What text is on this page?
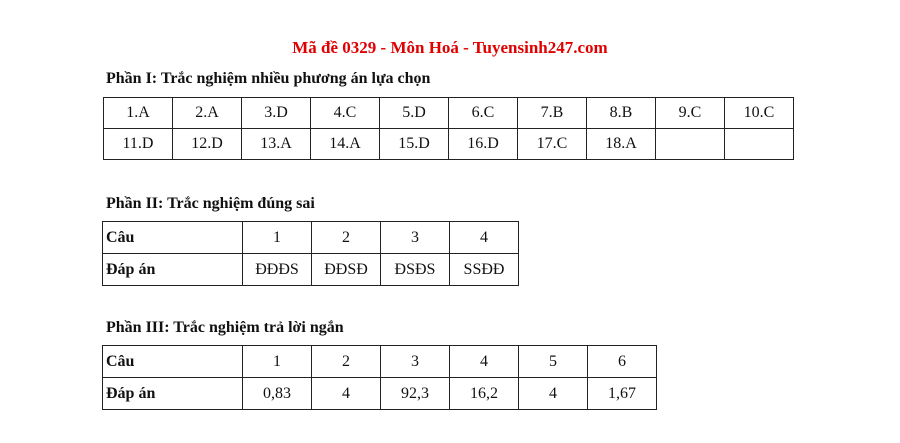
Mã đề 0329 - Môn Hoá - Tuyensinh247.com
Phần I: Trắc nghiệm nhiều phương án lựa chọn
1.A	2.A	3.D	4.C	5.D	6.C	7.B	8.B	9.C	10.C
11.D	12.D	13.A	14.A	15.D	16.D	17.C	18.A		
Phần II: Trắc nghiệm đúng sai
Câu	1	2	3	4
Đáp án	ĐĐĐS	ĐĐSĐ	ĐSĐS	SSĐĐ
Phần III: Trắc nghiệm trả lời ngắn
Câu	1	2	3	4	5	6
Đáp án	0,83	4	92,3	16,2	4	1,67
